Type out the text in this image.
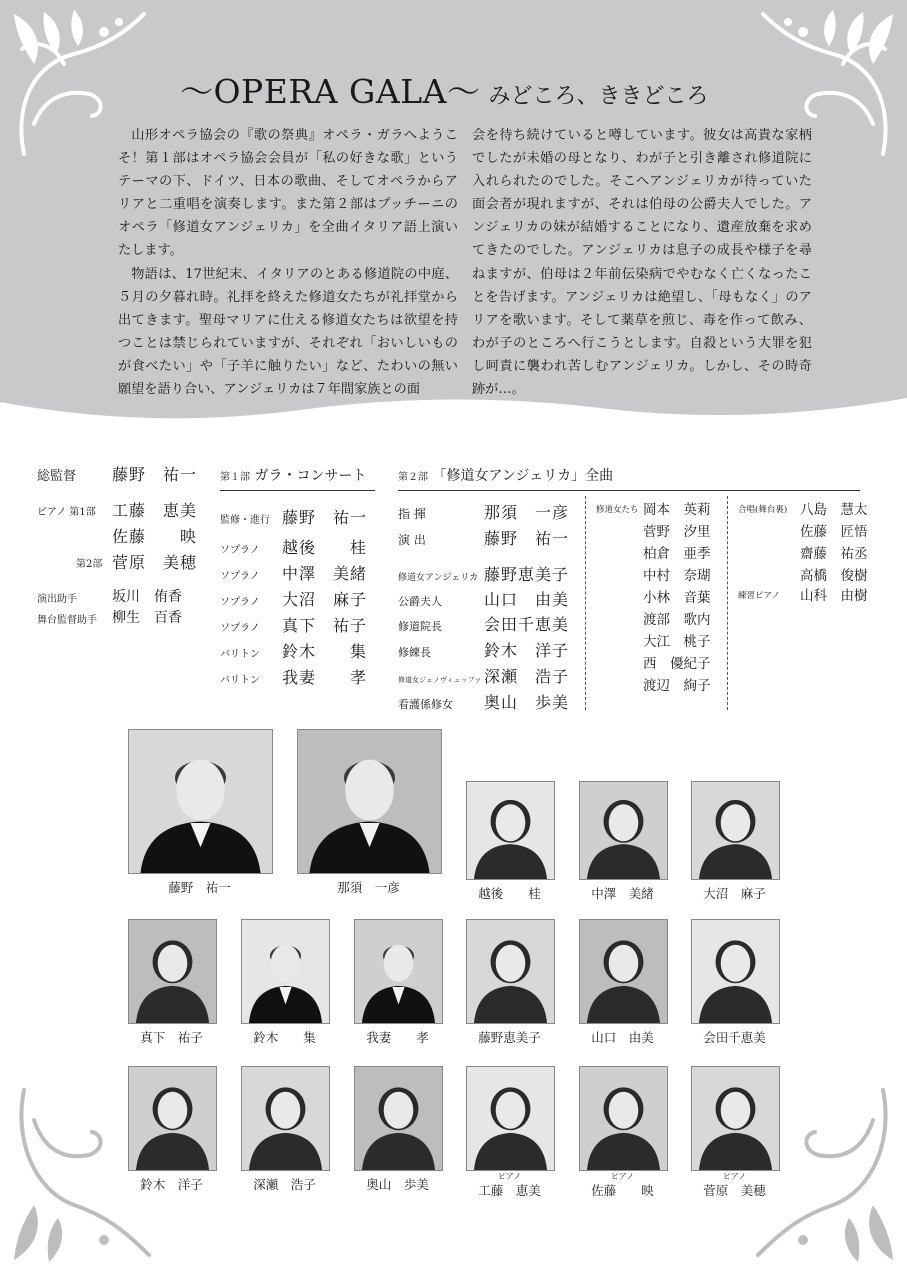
〜OPERA GALA〜 みどころ、ききどころ

山形オペラ協会の『歌の祭典』オペラ・ガラへようこそ！第１部はオペラ協会会員が「私の好きな歌」というテーマの下、ドイツ、日本の歌曲、そしてオペラからアリアと二重唱を演奏します。また第２部はプッチーニのオペラ「修道女アンジェリカ」を全曲イタリア語上演いたします。

物語は、17世紀末、イタリアのとある修道院の中庭、５月の夕暮れ時。礼拝を終えた修道女たちが礼拝堂から出てきます。聖母マリアに仕える修道女たちは欲望を持つことは禁じられていますが、それぞれ「おいしいものが食べたい」や「子羊に触りたい」など、たわいの無い願望を語り合い、アンジェリカは７年間家族との面

会を待ち続けていると噂しています。彼女は高貴な家柄でしたが未婚の母となり、わが子と引き離され修道院に入れられたのでした。そこへアンジェリカが待っていた面会者が現れますが、それは伯母の公爵夫人でした。アンジェリカの妹が結婚することになり、遺産放棄を求めてきたのでした。アンジェリカは息子の成長や様子を尋ねますが、伯母は２年前伝染病でやむなく亡くなったことを告げます。アンジェリカは絶望し、「母もなく」のアリアを歌います。そして薬草を煎じ、毒を作って飲み、わが子のところへ行こうとします。自殺という大罪を犯し呵責に襲われ苦しむアンジェリカ。しかし、その時奇跡が…。

総監督 藤野　祐一
ピアノ 第1部 工藤　恵美
佐藤　　映
第2部 菅原　美穂
演出助手	坂川　侑香
舞台監督助手 柳生　百香
第１部 ガラ・コンサート
監修・進行 藤野　祐一
ソプラノ 越後　　桂
ソプラノ 中澤　美緒
ソプラノ 大沼　麻子
ソプラノ 真下　祐子
バリトン 鈴木　　集
バリトン 我妻　　孝
第２部 「修道女アンジェリカ」全曲
指 揮	那須　一彦
演 出	藤野　祐一
修道女アンジェリカ 藤野恵美子
公爵夫人	山口　由美
修道院長	会田千恵美
修練長	鈴木　洋子
修道女ジェノヴィェッファ 深瀬　浩子
看護係修女 奥山　歩美
修道女たち 岡本　英莉
菅野　汐里
柏倉　亜季
中村　奈瑚
小林　音葉
渡部　歌内
大江　桃子
西　優紀子
渡辺　絢子
合唱(舞台裏) 八島　慧太
佐藤　匠悟
齋藤　祐丞
高橋　俊樹
練習ピアノ 山科　由樹
藤野　祐一	那須　一彦	越後　　桂	中澤　美緒	大沼　麻子
真下　祐子	鈴木　　集	我妻　　孝	藤野恵美子	山口　由美	会田千恵美
鈴木　洋子	深瀬　浩子	奥山　歩美	工藤　恵美
ピアノ
佐藤　　映
ピアノ
菅原　美穂
ピアノ
